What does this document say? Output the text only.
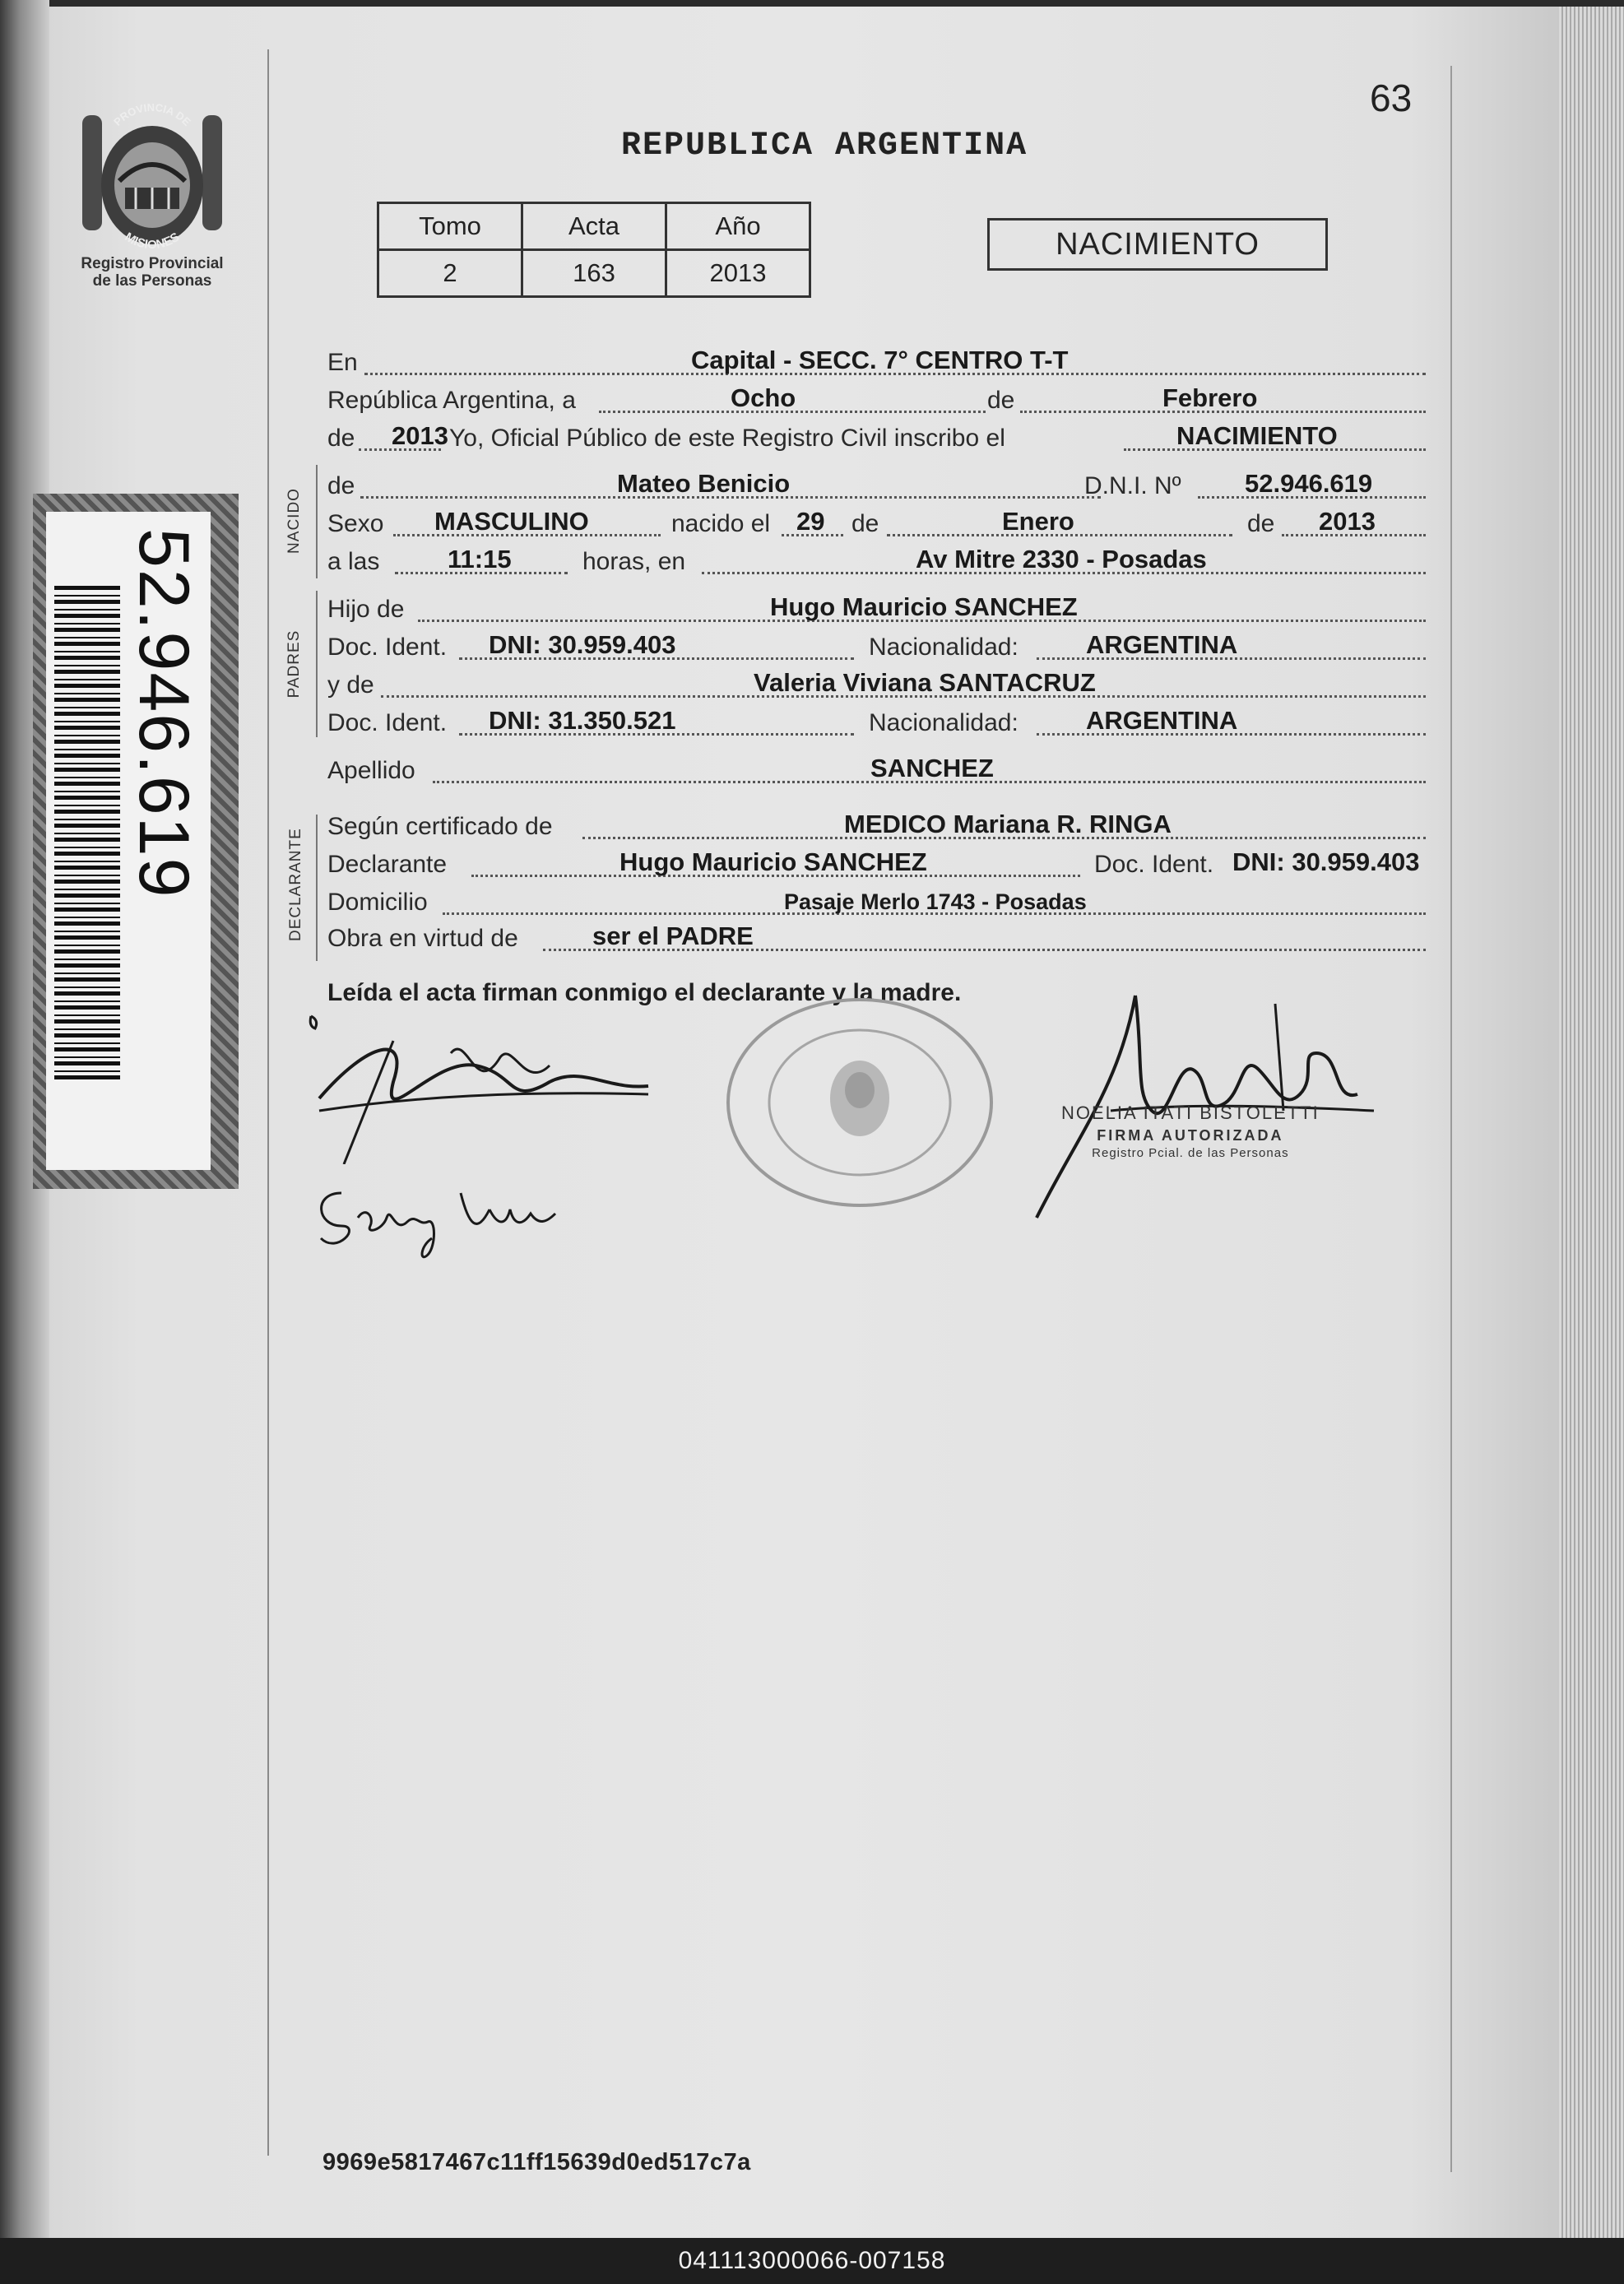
PROVINCIA DE
MISIONES
Registro Provincial
de las Personas
52.946.619
63
REPUBLICA ARGENTINA
Tomo	Acta	Año
2	163	2013
NACIMIENTO
En	Capital - SECC. 7° CENTRO T-T
República Argentina, a	Ocho	de	Febrero
de 2013 Yo, Oficial Público de este Registro Civil inscribo el	NACIMIENTO
de	Mateo Benicio	D.N.I. Nº 52.946.619
Sexo MASCULINO	nacido el 29 de	Enero	de 2013
a las	11:15	horas, en	Av Mitre 2330 - Posadas
Hijo de	Hugo Mauricio SANCHEZ
Doc. Ident. DNI: 30.959.403	Nacionalidad:	ARGENTINA
y de	Valeria Viviana SANTACRUZ
Doc. Ident. DNI: 31.350.521	Nacionalidad:	ARGENTINA
Apellido	SANCHEZ
Según certificado de	MEDICO Mariana R. RINGA
Declarante	Hugo Mauricio SANCHEZ	Doc. Ident. DNI: 30.959.403
Domicilio	Pasaje Merlo 1743 - Posadas
Obra en virtud de	ser el PADRE
NACIDO
PADRES
DECLARANTE
Leída el acta firman conmigo el declarante y la madre.
NOELIA ITATI BISTOLETTI
FIRMA AUTORIZADA
Registro Pcial. de las Personas
9969e5817467c11ff15639d0ed517c7a
041113000066-007158
